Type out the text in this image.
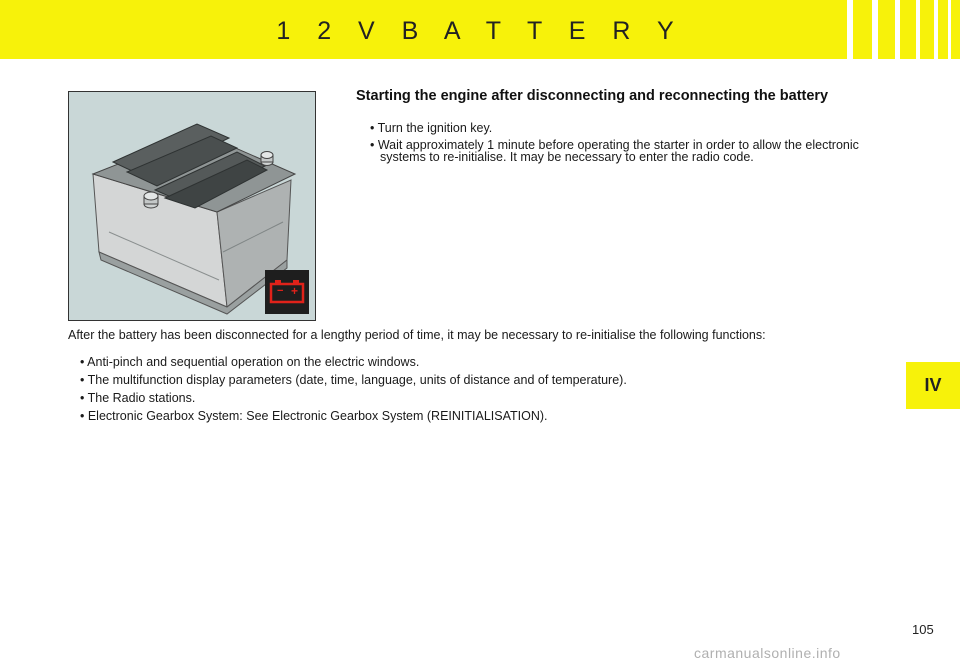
1 2 V B A T T E R Y
− +
Starting the engine after disconnecting and reconnecting the battery
• Turn the ignition key.
• Wait approximately 1 minute before operating the starter in order to allow the electronic systems to re-initialise. It may be necessary to enter the radio code.
After the battery has been disconnected for a lengthy period of time, it may be necessary to re-initialise the following functions:
• Anti-pinch and sequential operation on the electric windows.
• The multifunction display parameters (date, time, language, units of distance and of temperature).
• The Radio stations.
• Electronic Gearbox System: See Electronic Gearbox System (REINITIALISATION).
IV
105
carmanualsonline.info
